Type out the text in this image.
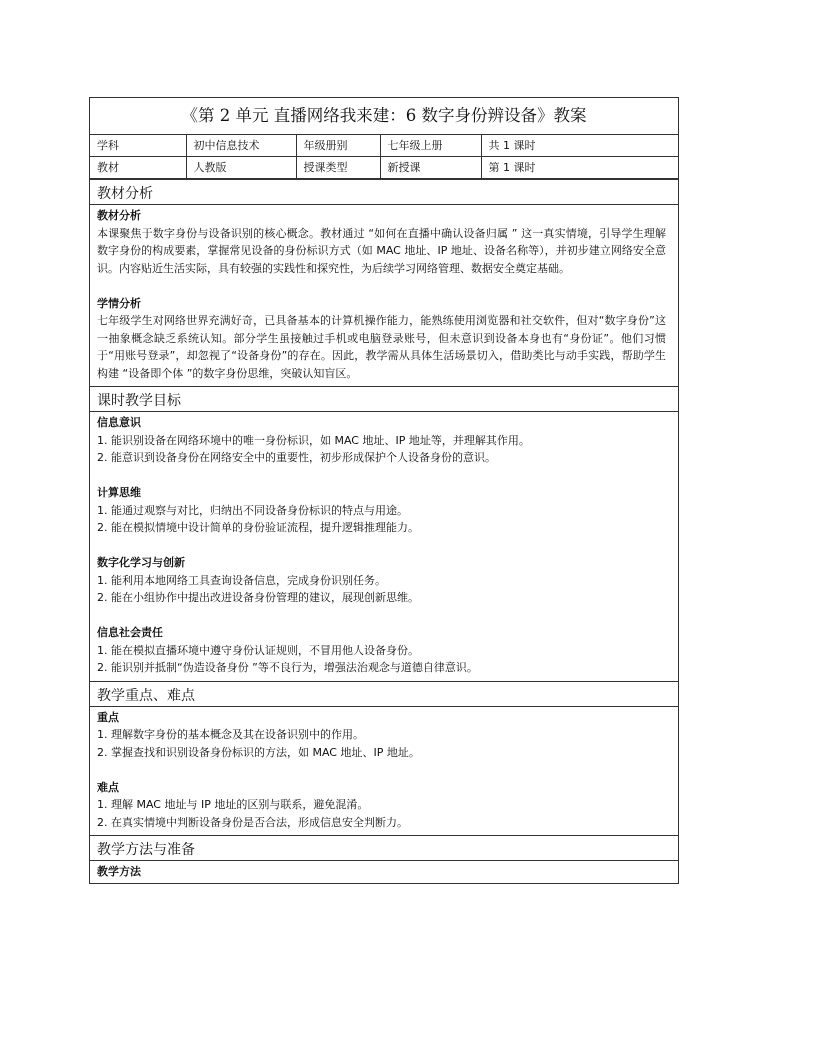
《第 2 单元 直播网络我来建：6 数字身份辨设备》教案
学科	初中信息技术	年级册别	七年级上册	共 1 课时
教材	人教版	授课类型	新授课	第 1 课时
教材分析
教材分析
本课聚焦于数字身份与设备识别的核心概念。教材通过 “如何在直播中确认设备归属 ” 这一真实情境，引导学生理解数字身份的构成要素，掌握常见设备的身份标识方式（如 MAC 地址、IP 地址、设备名称等），并初步建立网络安全意识。内容贴近生活实际，具有较强的实践性和探究性，为后续学习网络管理、数据安全奠定基础。
学情分析
七年级学生对网络世界充满好奇，已具备基本的计算机操作能力，能熟练使用浏览器和社交软件，但对“数字身份”这一抽象概念缺乏系统认知。部分学生虽接触过手机或电脑登录账号，但未意识到设备本身也有“身份证”。他们习惯于“用账号登录”，却忽视了“设备身份”的存在。因此，教学需从具体生活场景切入，借助类比与动手实践，帮助学生构建 “设备即个体 ”的数字身份思维，突破认知盲区。
课时教学目标
信息意识
1. 能识别设备在网络环境中的唯一身份标识，如 MAC 地址、IP 地址等，并理解其作用。
2. 能意识到设备身份在网络安全中的重要性，初步形成保护个人设备身份的意识。
计算思维
1. 能通过观察与对比，归纳出不同设备身份标识的特点与用途。
2. 能在模拟情境中设计简单的身份验证流程，提升逻辑推理能力。
数字化学习与创新
1. 能利用本地网络工具查询设备信息，完成身份识别任务。
2. 能在小组协作中提出改进设备身份管理的建议，展现创新思维。
信息社会责任
1. 能在模拟直播环境中遵守身份认证规则，不冒用他人设备身份。
2. 能识别并抵制“伪造设备身份 ”等不良行为，增强法治观念与道德自律意识。
教学重点、难点
重点
1. 理解数字身份的基本概念及其在设备识别中的作用。
2. 掌握查找和识别设备身份标识的方法，如 MAC 地址、IP 地址。
难点
1. 理解 MAC 地址与 IP 地址的区别与联系，避免混淆。
2. 在真实情境中判断设备身份是否合法，形成信息安全判断力。
教学方法与准备
教学方法
